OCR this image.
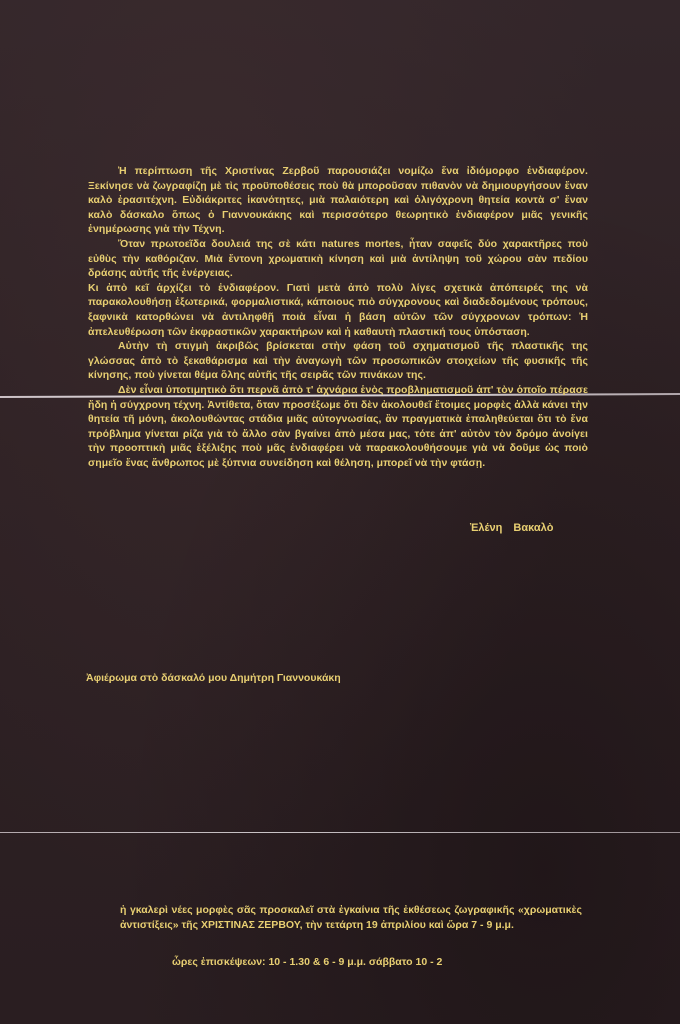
Ἡ περίπτωση τῆς Χριστίνας Ζερβοῦ παρουσιάζει νομίζω ἕνα ἰδιόμορφο ἐνδιαφέρον. Ξεκίνησε νὰ ζωγραφίζῃ μὲ τὶς προϋποθέσεις ποὺ θὰ μποροῦσαν πιθανὸν νὰ δημιουργήσουν ἕναν καλὸ ἐρασιτέχνη. Εὐδιάκριτες ἱκανότητες, μιὰ παλαιότερη καὶ ὀλιγόχρονη θητεία κοντὰ σ' ἕναν καλὸ δάσκαλο ὅπως ὁ Γιαννουκάκης καὶ περισσότερο θεωρητικὸ ἐνδιαφέρον μιᾶς γενικῆς ἐνημέρωσης γιὰ τὴν Τέχνη.

Ὅταν πρωτοεῖδα δουλειά της σὲ κάτι natures mortes, ἦταν σαφεῖς δύο χαρακτῆρες ποὺ εὐθὺς τὴν καθόριζαν. Μιὰ ἔντονη χρωματικὴ κίνηση καὶ μιὰ ἀντίληψη τοῦ χώρου σὰν πεδίου δράσης αὐτῆς τῆς ἐνέργειας.

Κι ἀπὸ κεῖ ἀρχίζει τὸ ἐνδιαφέρον. Γιατὶ μετὰ ἀπὸ πολὺ λίγες σχετικὰ ἀπόπειρές της νὰ παρακολουθήσῃ ἐξωτερικά, φορμαλιστικά, κάποιους πιὸ σύγχρονους καὶ διαδεδομένους τρόπους, ξαφνικὰ κατορθώνει νὰ ἀντιληφθῇ ποιὰ εἶναι ἡ βάση αὐτῶν τῶν σύγχρονων τρόπων: Ἡ ἀπελευθέρωση τῶν ἐκφραστικῶν χαρακτήρων καὶ ἡ καθαυτὴ πλαστική τους ὑπόσταση.

Αὐτὴν τὴ στιγμὴ ἀκριβῶς βρίσκεται στὴν φάση τοῦ σχηματισμοῦ τῆς πλαστικῆς της γλώσσας ἀπὸ τὸ ξεκαθάρισμα καὶ τὴν ἀναγωγὴ τῶν προσωπικῶν στοιχείων τῆς φυσικῆς τῆς κίνησης, ποὺ γίνεται θέμα ὅλης αὐτῆς τῆς σειρᾶς τῶν πινάκων της.

Δὲν εἶναι ὑποτιμητικὸ ὅτι περνᾶ ἀπὸ τ' ἀχνάρια ἑνὸς προβληματισμοῦ ἀπ' τὸν ὁποῖο πέρασε ἤδη ἡ σύγχρονη τέχνη. Ἀντίθετα, ὅταν προσέξωμε ὅτι δὲν ἀκολουθεῖ ἕτοιμες μορφὲς ἀλλὰ κάνει τὴν θητεία τῆ μόνη, ἀκολουθώντας στάδια μιᾶς αὐτογνωσίας, ἂν πραγματικὰ ἐπαληθεύεται ὅτι τὸ ἕνα πρόβλημα γίνεται ρίζα γιὰ τὸ ἄλλο σὰν βγαίνει ἀπὸ μέσα μας, τότε ἀπ' αὐτὸν τὸν δρόμο ἀνοίγει τὴν προοπτικὴ μιᾶς ἐξέλιξης ποὺ μᾶς ἐνδιαφέρει νὰ παρακολουθήσουμε γιὰ νὰ δοῦμε ὡς ποιὸ σημεῖο ἕνας ἄνθρωπος μὲ ξύπνια συνείδηση καὶ θέληση, μπορεῖ νὰ τὴν φτάσῃ.

Ἐλένη Βακαλὸ
Ἀφιέρωμα στὸ δάσκαλό μου Δημήτρη Γιαννουκάκη

ἡ γκαλερὶ νέες μορφὲς σᾶς προσκαλεῖ στὰ ἐγκαίνια τῆς ἐκθέσεως ζωγραφικῆς «χρωματικὲς ἀντιστίξεις» τῆς ΧΡΙΣΤΙΝΑΣ ΖΕΡΒΟΥ, τὴν τετάρτη 19 ἀπριλίου καὶ ὥρα 7 - 9 μ.μ.

ὧρες ἐπισκέψεων: 10 - 1.30 & 6 - 9 μ.μ. σάββατο 10 - 2
